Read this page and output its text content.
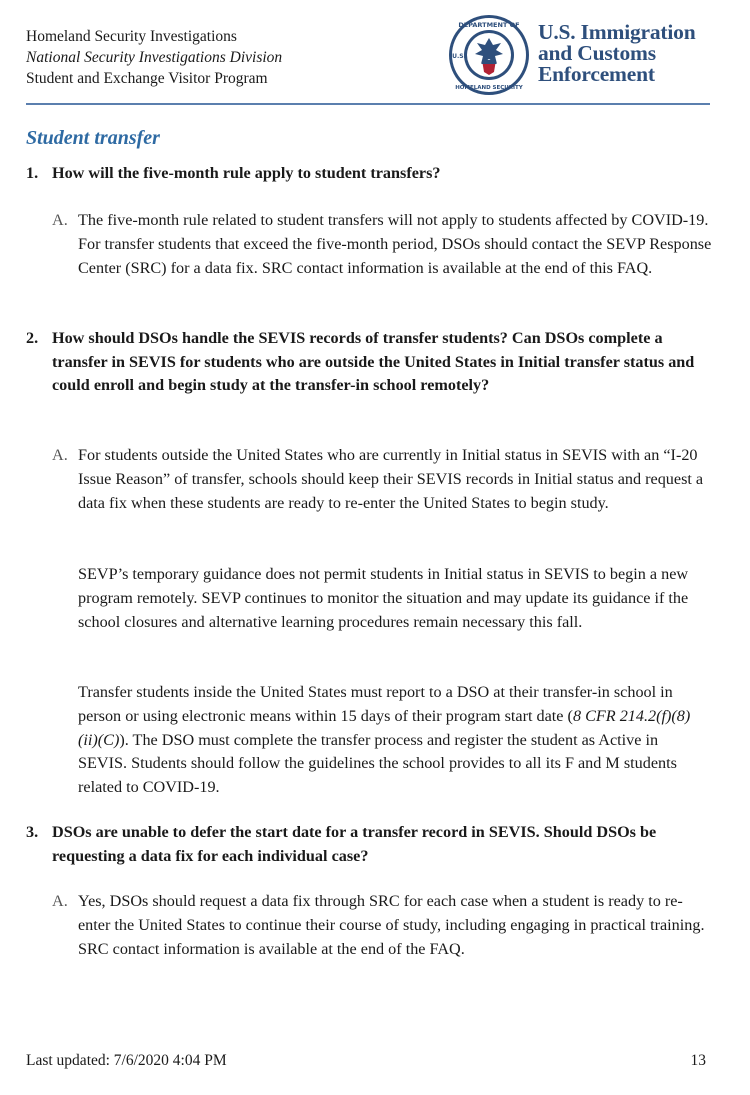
Homeland Security Investigations
National Security Investigations Division
Student and Exchange Visitor Program
DEPARTMENT OF
U.S.
HOMELAND SECURITY
U.S. Immigration
and Customs
Enforcement
Student transfer
1. How will the five-month rule apply to student transfers?
A. The five-month rule related to student transfers will not apply to students affected by COVID-19. For transfer students that exceed the five-month period, DSOs should contact the SEVP Response Center (SRC) for a data fix. SRC contact information is available at the end of this FAQ.
2. How should DSOs handle the SEVIS records of transfer students? Can DSOs complete a transfer in SEVIS for students who are outside the United States in Initial transfer status and could enroll and begin study at the transfer-in school remotely?
A. For students outside the United States who are currently in Initial status in SEVIS with an “I-20 Issue Reason” of transfer, schools should keep their SEVIS records in Initial status and request a data fix when these students are ready to re-enter the United States to begin study.
SEVP’s temporary guidance does not permit students in Initial status in SEVIS to begin a new program remotely. SEVP continues to monitor the situation and may update its guidance if the school closures and alternative learning procedures remain necessary this fall.
Transfer students inside the United States must report to a DSO at their transfer-in school in person or using electronic means within 15 days of their program start date (8 CFR 214.2(f)(8)(ii)(C)). The DSO must complete the transfer process and register the student as Active in SEVIS. Students should follow the guidelines the school provides to all its F and M students related to COVID-19.
3. DSOs are unable to defer the start date for a transfer record in SEVIS. Should DSOs be requesting a data fix for each individual case?
A. Yes, DSOs should request a data fix through SRC for each case when a student is ready to re-enter the United States to continue their course of study, including engaging in practical training. SRC contact information is available at the end of the FAQ.
Last updated: 7/6/2020 4:04 PM	13
